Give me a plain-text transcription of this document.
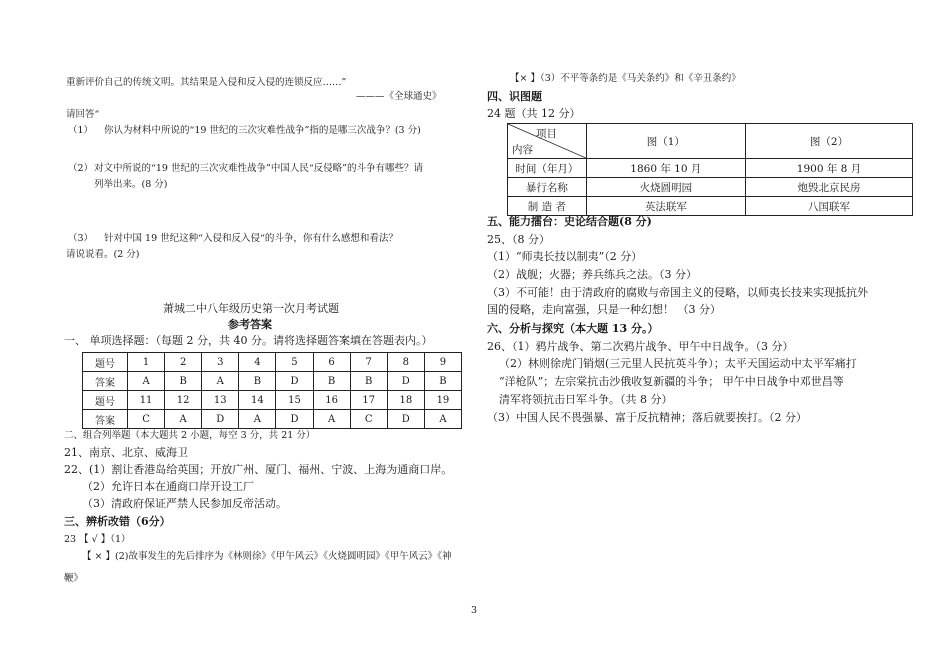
重新评价自己的传统文明。其结果是入侵和反入侵的连锁反应……”
———《全球通史》
请回答“
（1） 你认为材料中所说的“19 世纪的三次灾难性战争”指的是哪三次战争？(3 分)
（2） 对文中所说的“19 世纪的三次灾难性战争”中国人民“反侵略”的斗争有哪些？请
列举出来。(8 分)
（3） 针对中国 19 世纪这种“入侵和反入侵“的斗争，你有什么感想和看法？
请说说看。(2 分)
萧城二中八年级历史第一次月考试题
参考答案
一、 单项选择题：（每题 2 分，共 40 分。请将选择题答案填在答题表内。）
题号	1	2	3	4	5	6	7	8	9
答案	A	B	A	B	D	B	B	D	B
题号	11	12	13	14	15	16	17	18	19
答案	C	A	D	A	D	A	C	D	A
二、组合列举题（本大题共 2 小题，每空 3 分，共 21 分）
21、南京、北京、威海卫
22、(1）割让香港岛给英国；开放广州、厦门、福州、宁波、上海为通商口岸。
（2）允许日本在通商口岸开设工厂
（3）清政府保证严禁人民参加反帝活动。
三、辨析改错（6分）
23 【 √ 】（1）
【 × 】(2)故事发生的先后排序为《林则徐》《甲午风云》《火烧圆明园》《甲午风云》《神
鞭》
【× 】（3）不平等条约是《马关条约》和《辛丑条约》
四、识图题
24 题（共 12 分）
项目
内容	图（1）	图（2）
时间（年月）	1860 年 10 月	1900 年 8 月
暴行名称	火烧圆明园	炮毁北京民房
制 造 者	英法联军	八国联军
五、能力擂台：史论结合题(8 分)
25、（8 分）
（1）“师夷长技以制夷”（2 分）
（2）战舰；火器；养兵练兵之法。（3 分）
（3）不可能！由于清政府的腐败与帝国主义的侵略，以师夷长技来实现抵抗外
国的侵略，走向富强，只是一种幻想！ （3 分）
六、分析与探究（本大题 13 分。）
26、（1）鸦片战争、第二次鸦片战争、甲午中日战争。（3 分）
（2）林则徐虎门销烟(三元里人民抗英斗争）；太平天国运动中太平军痛打
“洋枪队”；左宗棠抗击沙俄收复新疆的斗争； 甲午中日战争中邓世昌等
清军将领抗击日军斗争。（共 8 分）
（3）中国人民不畏强暴、富于反抗精神；落后就要挨打。（2 分）
3
